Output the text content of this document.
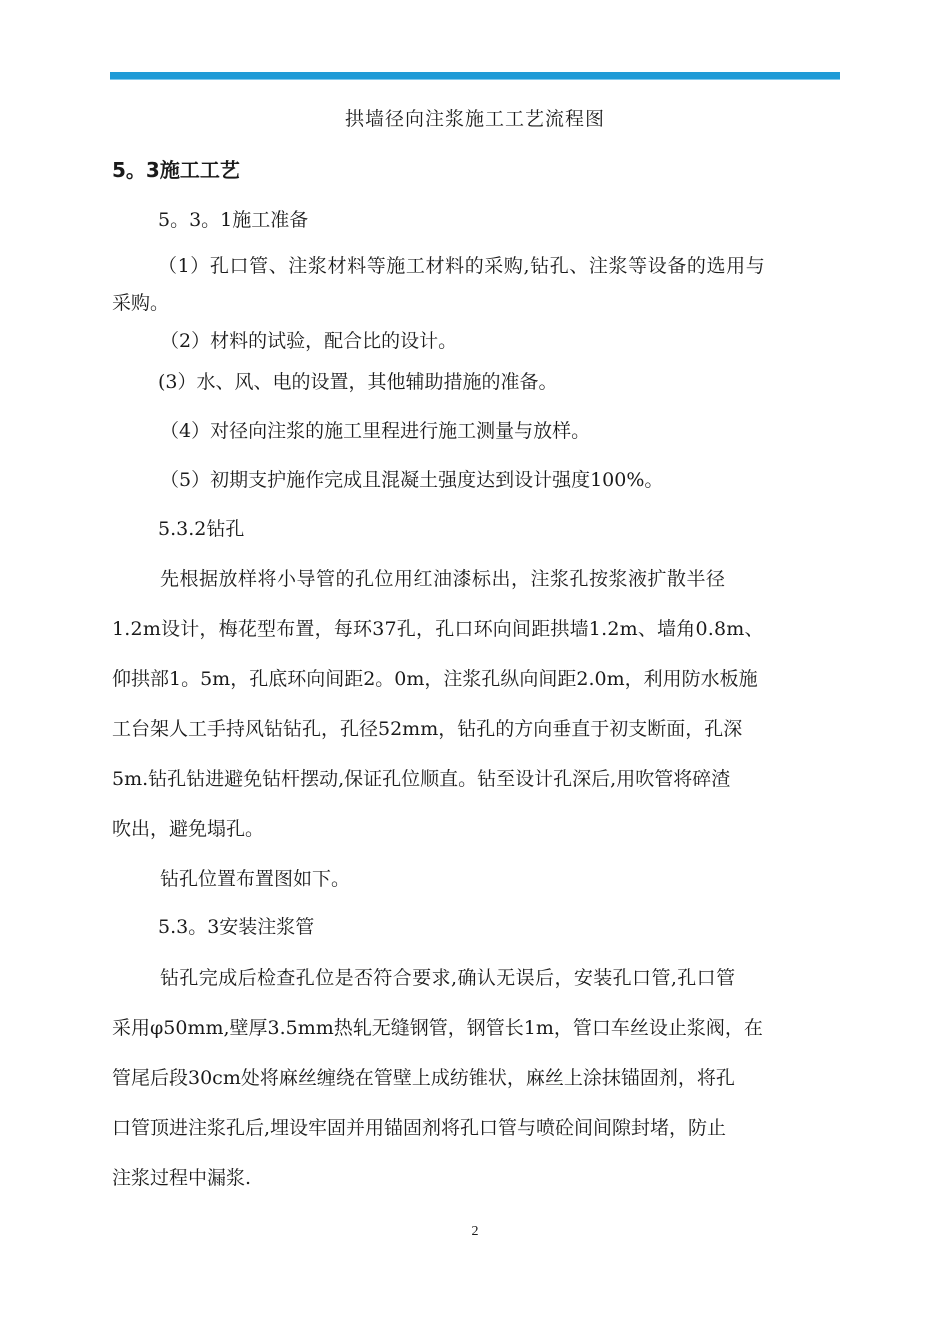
拱墙径向注浆施工工艺流程图
5。3施工工艺
5。3。1施工准备
（1）孔口管、注浆材料等施工材料的采购,钻孔、注浆等设备的选用与
采购。
（2）材料的试验，配合比的设计。
(3）水、风、电的设置，其他辅助措施的准备。
（4）对径向注浆的施工里程进行施工测量与放样。
（5）初期支护施作完成且混凝土强度达到设计强度100%。
5.3.2钻孔
先根据放样将小导管的孔位用红油漆标出，注浆孔按浆液扩散半径
1.2m设计，梅花型布置，每环37孔，孔口环向间距拱墙1.2m、墙角0.8m、
仰拱部1。5m，孔底环向间距2。0m，注浆孔纵向间距2.0m，利用防水板施
工台架人工手持风钻钻孔，孔径52mm，钻孔的方向垂直于初支断面，孔深
5m.钻孔钻进避免钻杆摆动,保证孔位顺直。钻至设计孔深后,用吹管将碎渣
吹出，避免塌孔。
钻孔位置布置图如下。
5.3。3安装注浆管
钻孔完成后检查孔位是否符合要求,确认无误后，安装孔口管,孔口管
采用φ50mm,壁厚3.5mm热轧无缝钢管，钢管长1m，管口车丝设止浆阀，在
管尾后段30cm处将麻丝缠绕在管壁上成纺锥状，麻丝上涂抹锚固剂，将孔
口管顶进注浆孔后,埋设牢固并用锚固剂将孔口管与喷砼间间隙封堵，防止
注浆过程中漏浆.
2
